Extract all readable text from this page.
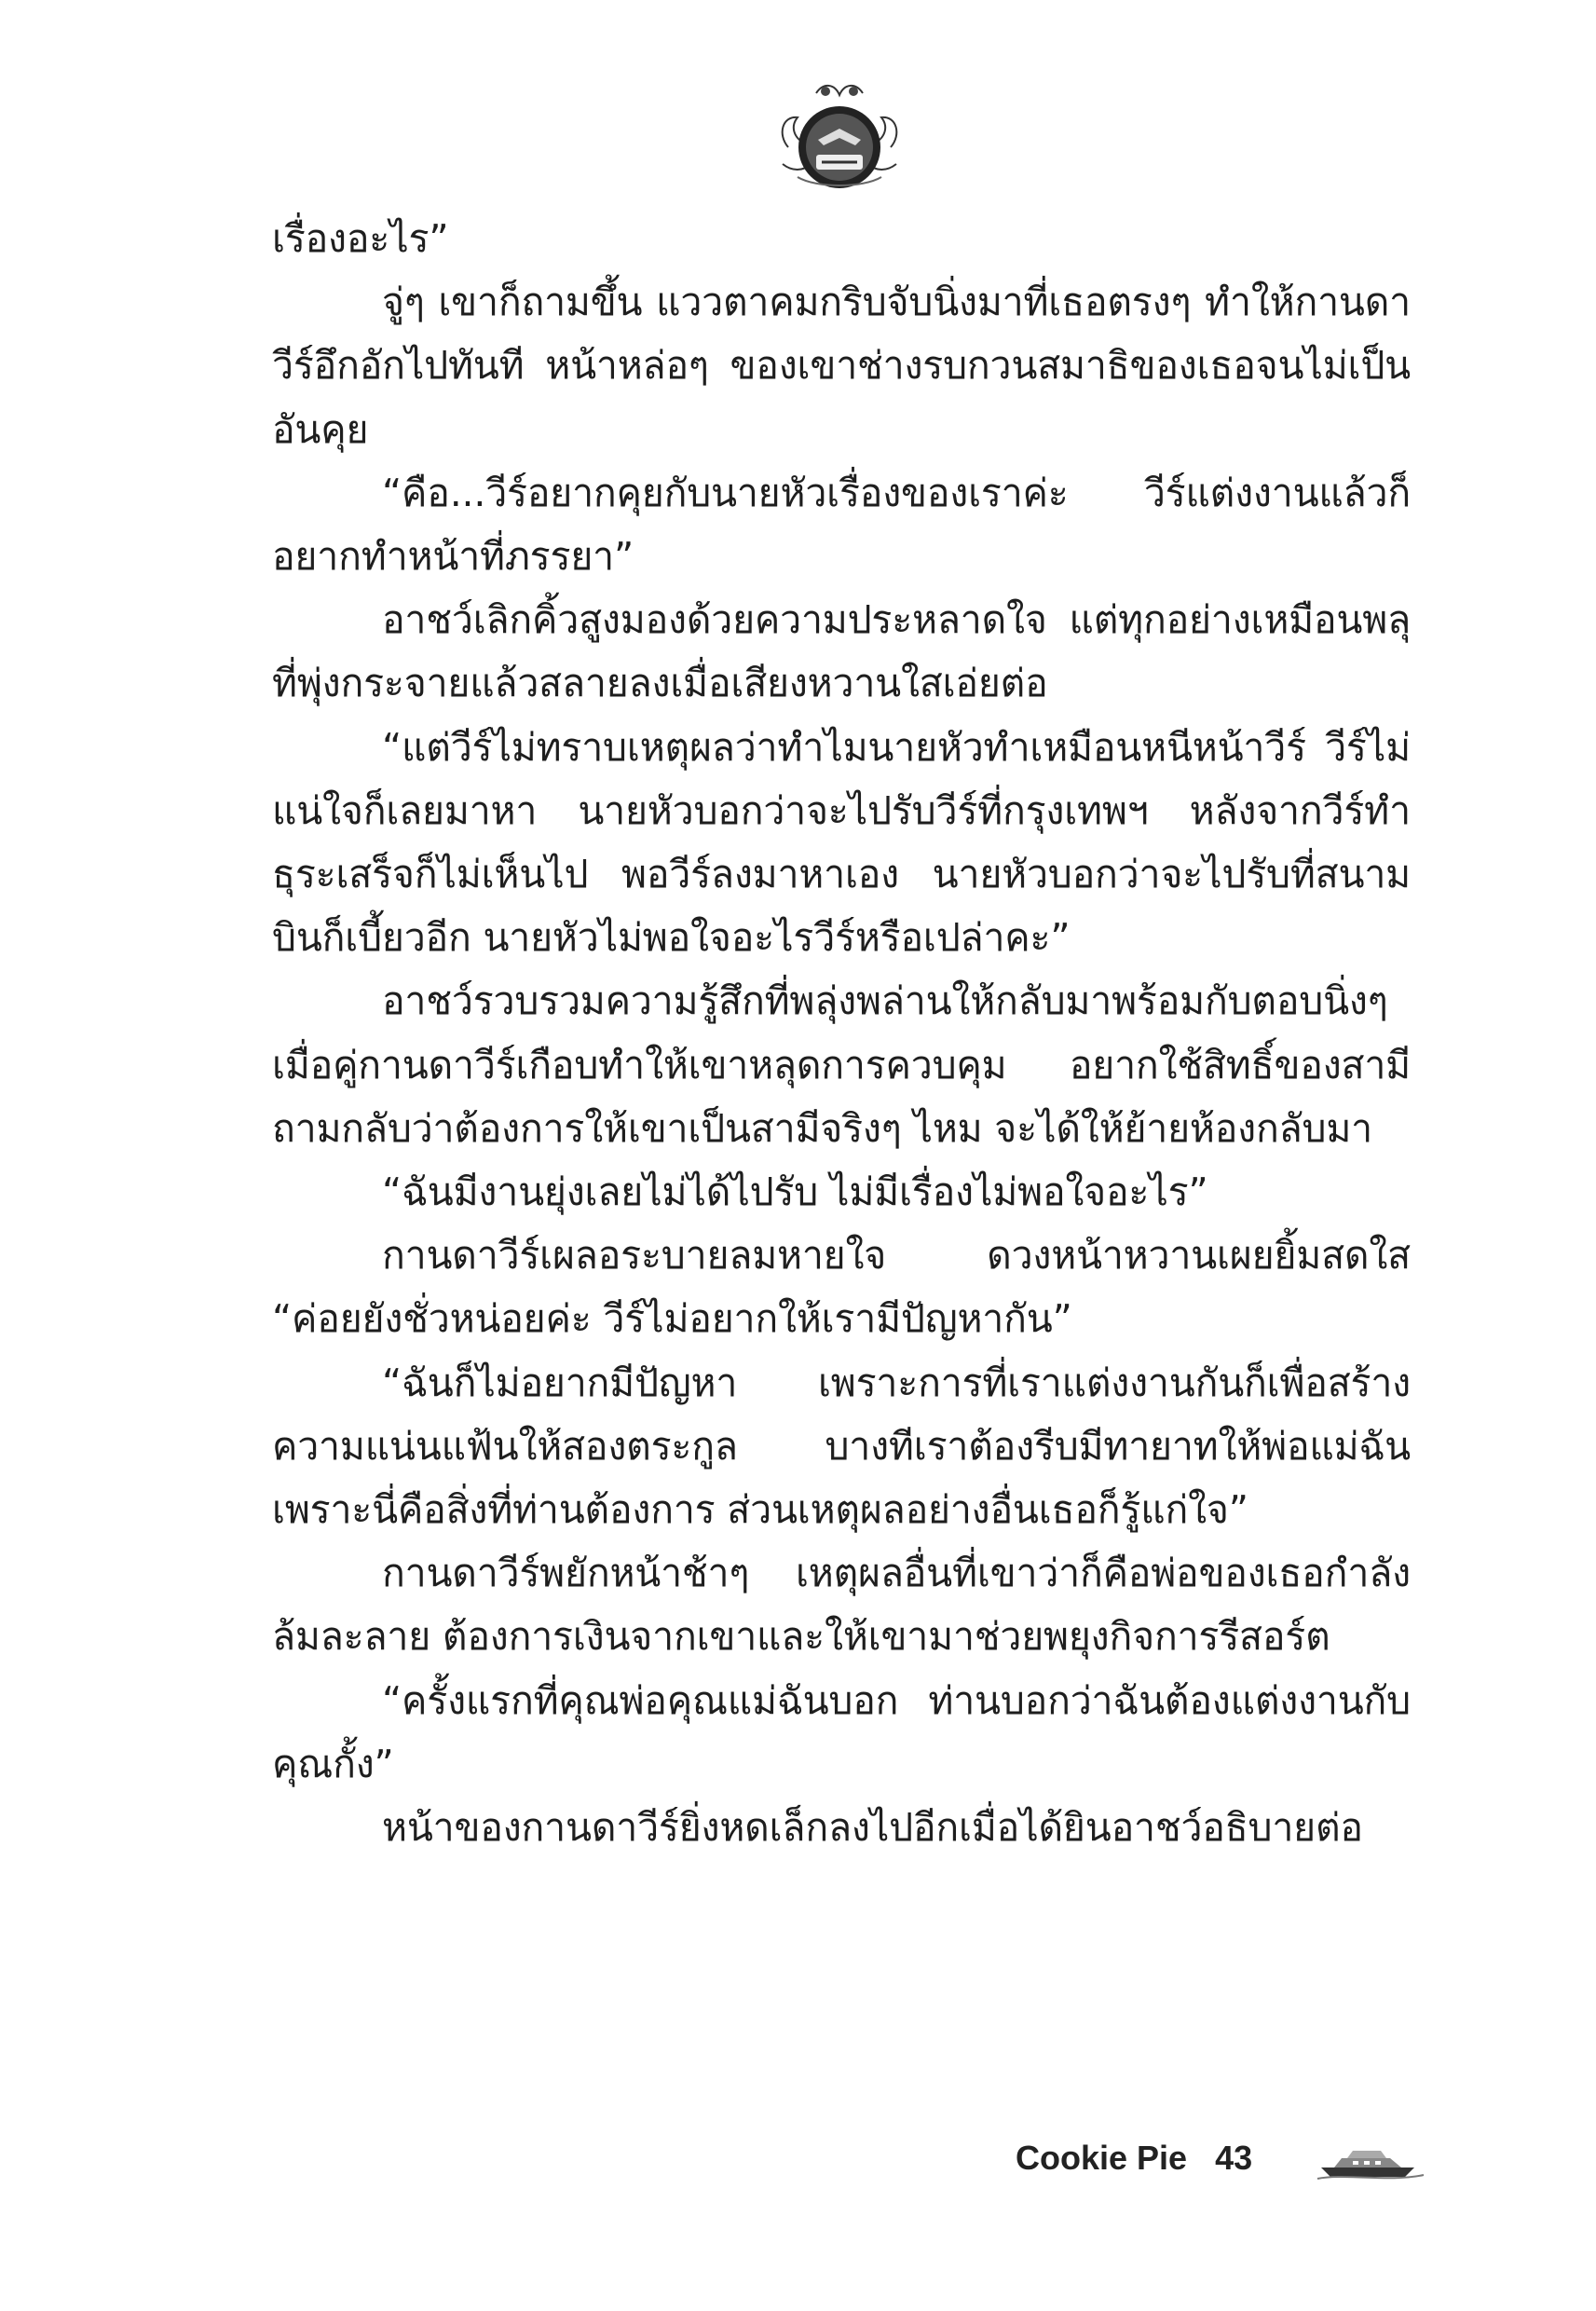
เรื่องอะไร”

จู่ๆ เขาก็ถามขึ้น แววตาคมกริบจับนิ่งมาที่เธอตรงๆ ทำให้กานดาวีร์อึกอักไปทันที หน้าหล่อๆ ของเขาช่างรบกวนสมาธิของเธอจนไม่เป็นอันคุย

“คือ...วีร์อยากคุยกับนายหัวเรื่องของเราค่ะ วีร์แต่งงานแล้วก็อยากทำหน้าที่ภรรยา”

อาชว์เลิกคิ้วสูงมองด้วยความประหลาดใจ แต่ทุกอย่างเหมือนพลุที่พุ่งกระจายแล้วสลายลงเมื่อเสียงหวานใสเอ่ยต่อ

“แต่วีร์ไม่ทราบเหตุผลว่าทำไมนายหัวทำเหมือนหนีหน้าวีร์ วีร์ไม่แน่ใจก็เลยมาหา นายหัวบอกว่าจะไปรับวีร์ที่กรุงเทพฯ หลังจากวีร์ทำธุระเสร็จก็ไม่เห็นไป พอวีร์ลงมาหาเอง นายหัวบอกว่าจะไปรับที่สนามบินก็เบี้ยวอีก นายหัวไม่พอใจอะไรวีร์หรือเปล่าคะ”

อาชว์รวบรวมความรู้สึกที่พลุ่งพล่านให้กลับมาพร้อมกับตอบนิ่งๆ เมื่อคู่กานดาวีร์เกือบทำให้เขาหลุดการควบคุม อยากใช้สิทธิ์ของสามีถามกลับว่าต้องการให้เขาเป็นสามีจริงๆ ไหม จะได้ให้ย้ายห้องกลับมา

“ฉันมีงานยุ่งเลยไม่ได้ไปรับ ไม่มีเรื่องไม่พอใจอะไร”

กานดาวีร์เผลอระบายลมหายใจ ดวงหน้าหวานเผยยิ้มสดใส “ค่อยยังชั่วหน่อยค่ะ วีร์ไม่อยากให้เรามีปัญหากัน”

“ฉันก็ไม่อยากมีปัญหา เพราะการที่เราแต่งงานกันก็เพื่อสร้างความแน่นแฟ้นให้สองตระกูล บางทีเราต้องรีบมีทายาทให้พ่อแม่ฉัน เพราะนี่คือสิ่งที่ท่านต้องการ ส่วนเหตุผลอย่างอื่นเธอก็รู้แก่ใจ”

กานดาวีร์พยักหน้าช้าๆ เหตุผลอื่นที่เขาว่าก็คือพ่อของเธอกำลังล้มละลาย ต้องการเงินจากเขาและให้เขามาช่วยพยุงกิจการรีสอร์ต

“ครั้งแรกที่คุณพ่อคุณแม่ฉันบอก ท่านบอกว่าฉันต้องแต่งงานกับคุณกั้ง”

หน้าของกานดาวีร์ยิ่งหดเล็กลงไปอีกเมื่อได้ยินอาชว์อธิบายต่อ

Cookie Pie 43
